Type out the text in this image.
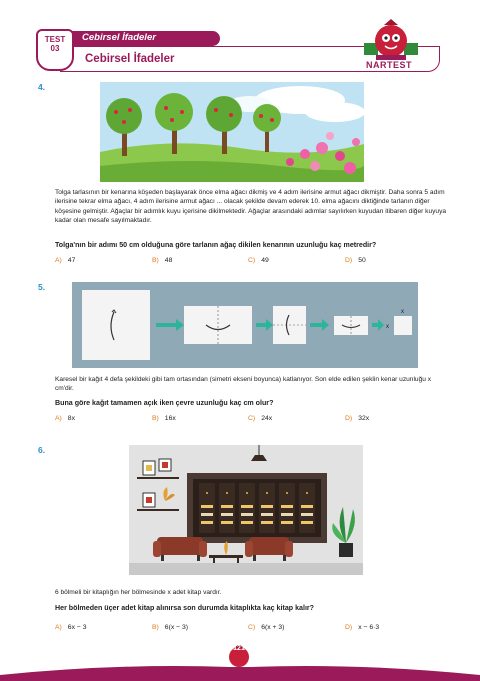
Cebirsel İfadeler
Cebirsel İfadeler
TEST
03
NARTEST
4.
Tolga tarlasının bir kenarına köşeden başlayarak önce elma ağacı dikmiş ve 4 adım ilerisine armut ağacı dikmiştir. Daha sonra 5 adım ilerisine tekrar elma ağacı, 4 adım ilerisine armut ağacı ... olacak şekilde devam ederek 10. elma ağacını diktiğinde tarlanın diğer köşesine gelmiştir. Ağaçlar bir adımlık kuyu içerisine dikilmektedir. Ağaçlar arasındaki adımlar sayılırken kuyudan itibaren diğer kuyuya kadar olan mesafe sayılmaktadır.
Tolga'nın bir adımı 50 cm olduğuna göre tarlanın ağaç dikilen kenarının uzunluğu kaç metredir?
A) 47	B) 48	C) 49	D) 50
5.
x
x
Karesel bir kağıt 4 defa şekildeki gibi tam ortasından (simetri ekseni boyunca) katlanıyor. Son elde edilen şeklin kenar uzunluğu x cm'dir.
Buna göre kağıt tamamen açık iken çevre uzunluğu kaç cm olur?
A) 8x	B) 16x	C) 24x	D) 32x
6.
6 bölmeli bir kitaplığın her bölmesinde x adet kitap vardır.
Her bölmeden üçer adet kitap alınırsa son durumda kitaplıkta kaç kitap kalır?
A) 6x − 3	B) 6(x − 3)	C) 6(x + 3)	D) x − 6·3
121
